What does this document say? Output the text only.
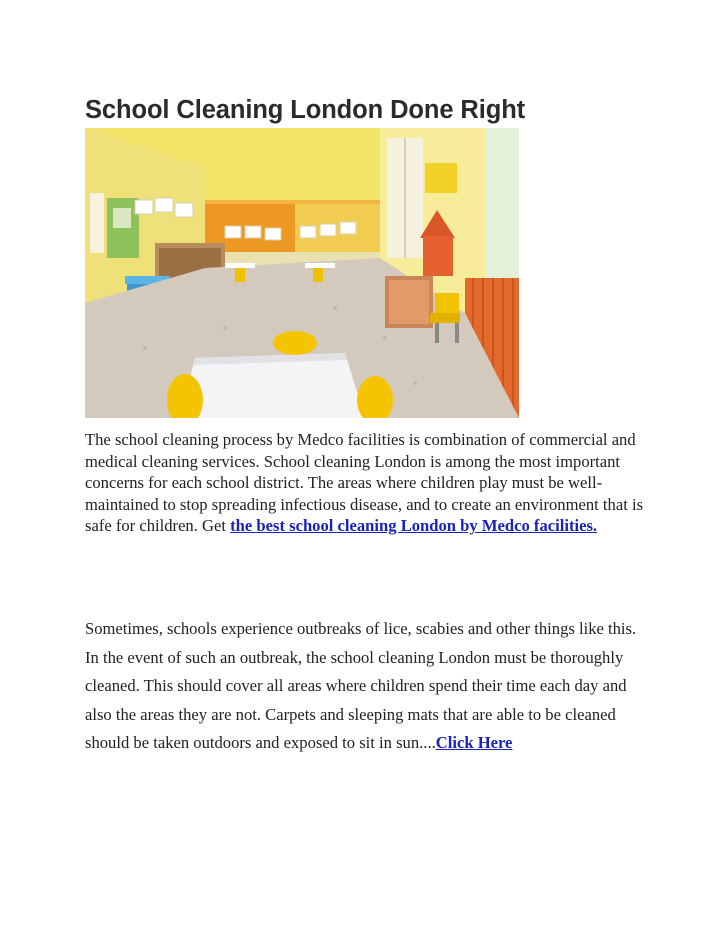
School Cleaning London Done Right

The school cleaning process by Medco facilities is combination of commercial and medical cleaning services. School cleaning London is among the most important concerns for each school district. The areas where children play must be well-maintained to stop spreading infectious disease, and to create an environment that is safe for children. Get the best school cleaning London by Medco facilities.

Sometimes, schools experience outbreaks of lice, scabies and other things like this. In the event of such an outbreak, the school cleaning London must be thoroughly cleaned. This should cover all areas where children spend their time each day and also the areas they are not. Carpets and sleeping mats that are able to be cleaned should be taken outdoors and exposed to sit in sun....Click Here
